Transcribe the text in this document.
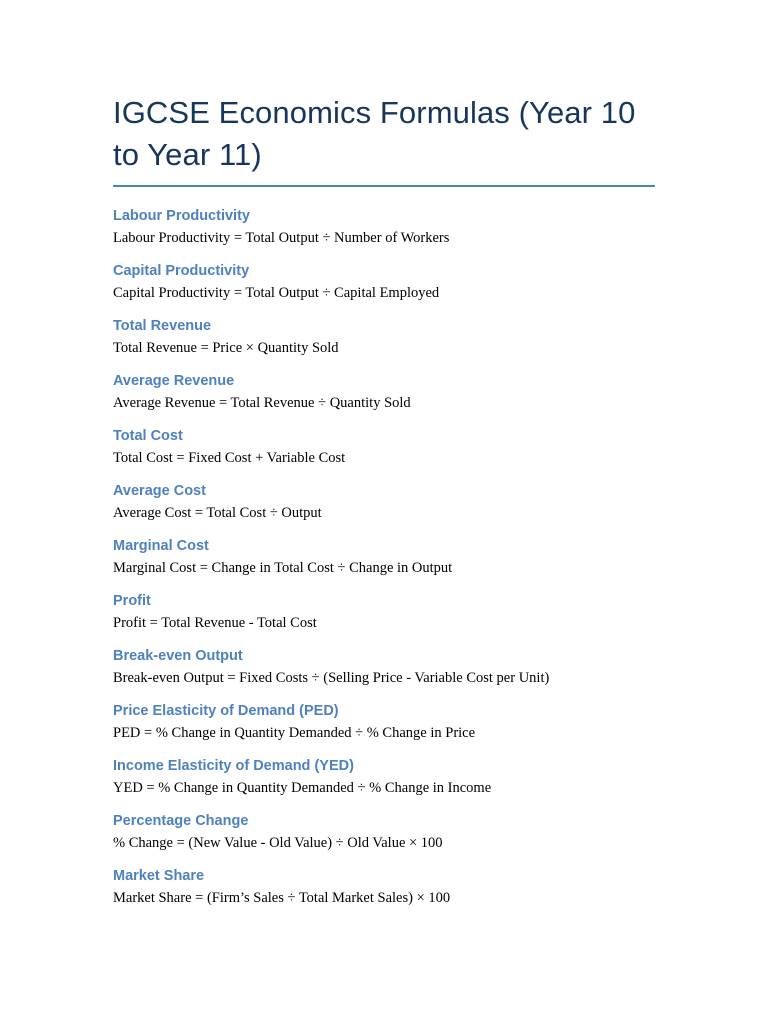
IGCSE Economics Formulas (Year 10 to Year 11)
Labour Productivity
Labour Productivity = Total Output ÷ Number of Workers
Capital Productivity
Capital Productivity = Total Output ÷ Capital Employed
Total Revenue
Total Revenue = Price × Quantity Sold
Average Revenue
Average Revenue = Total Revenue ÷ Quantity Sold
Total Cost
Total Cost = Fixed Cost + Variable Cost
Average Cost
Average Cost = Total Cost ÷ Output
Marginal Cost
Marginal Cost = Change in Total Cost ÷ Change in Output
Profit
Profit = Total Revenue - Total Cost
Break-even Output
Break-even Output = Fixed Costs ÷ (Selling Price - Variable Cost per Unit)
Price Elasticity of Demand (PED)
PED = % Change in Quantity Demanded ÷ % Change in Price
Income Elasticity of Demand (YED)
YED = % Change in Quantity Demanded ÷ % Change in Income
Percentage Change
% Change = (New Value - Old Value) ÷ Old Value × 100
Market Share
Market Share = (Firm’s Sales ÷ Total Market Sales) × 100
